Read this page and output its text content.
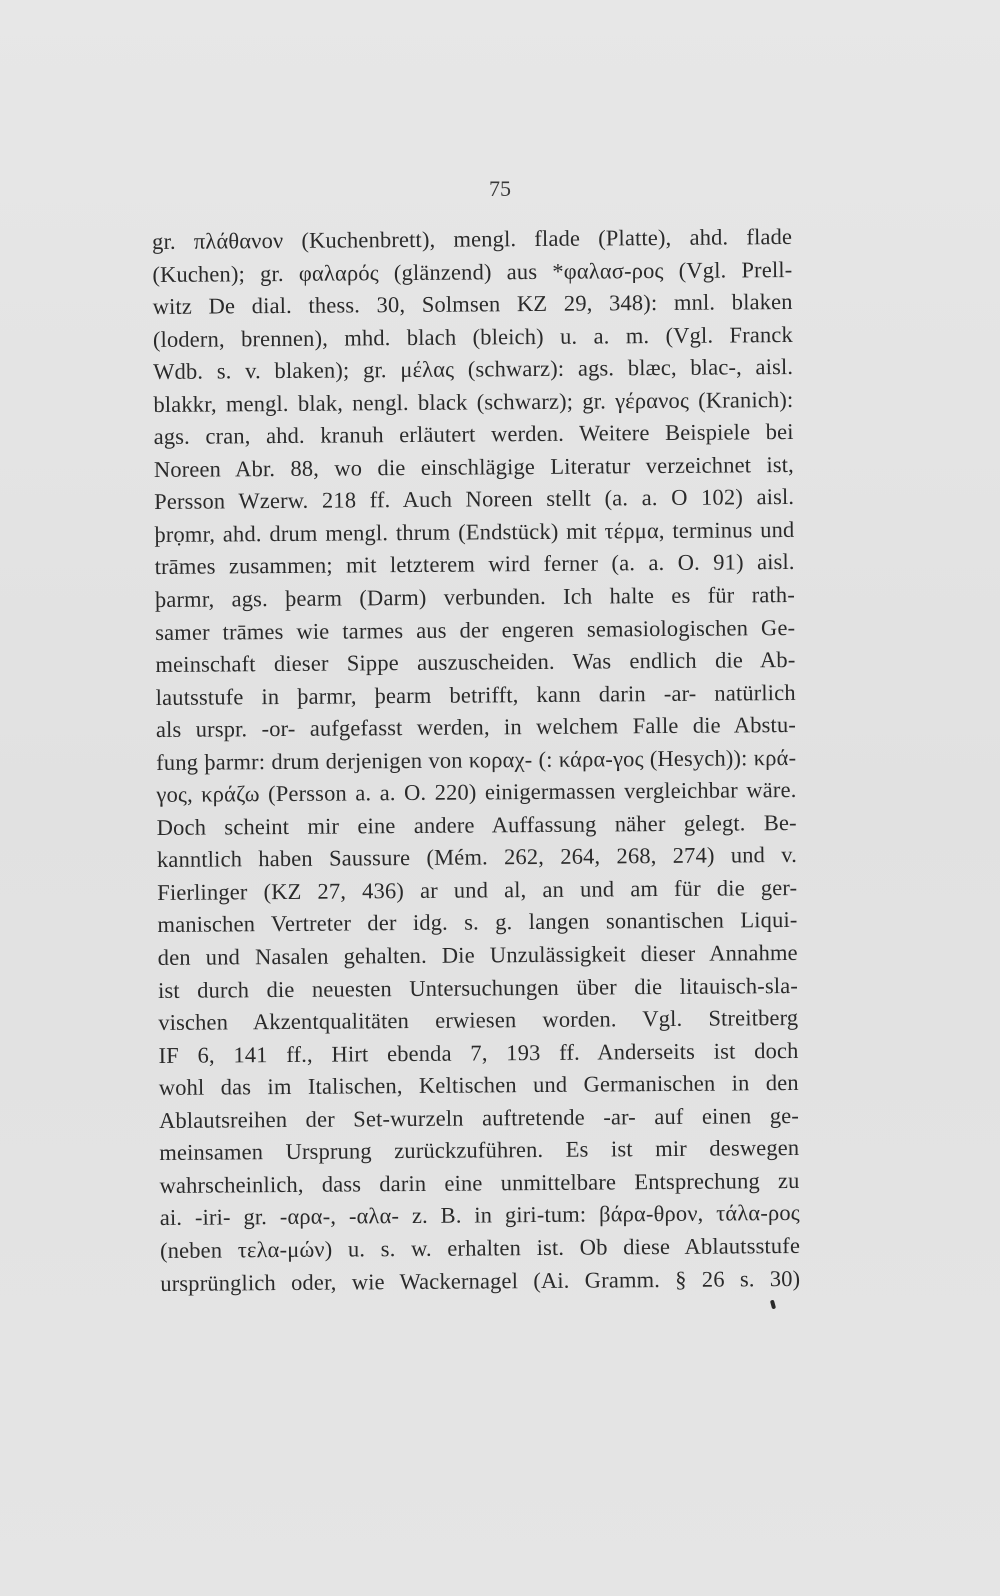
75
gr. πλάθανον (Kuchenbrett), mengl. flade (Platte), ahd. flade
(Kuchen); gr. φαλαρός (glänzend) aus *φαλασ-ρος (Vgl. Prell-
witz De dial. thess. 30, Solmsen KZ 29, 348): mnl. blaken
(lodern, brennen), mhd. blach (bleich) u. a. m. (Vgl. Franck
Wdb. s. v. blaken); gr. μέλας (schwarz): ags. blæc, blac-, aisl.
blakkr, mengl. blak, nengl. black (schwarz); gr. γέρανος (Kranich):
ags. cran, ahd. kranuh erläutert werden. Weitere Beispiele bei
Noreen Abr. 88, wo die einschlägige Literatur verzeichnet ist,
Persson Wzerw. 218 ff. Auch Noreen stellt (a. a. O 102) aisl.
þrọmr, ahd. drum mengl. thrum (Endstück) mit τέρμα, terminus und
trāmes zusammen; mit letzterem wird ferner (a. a. O. 91) aisl.
þarmr, ags. þearm (Darm) verbunden. Ich halte es für rath-
samer trāmes wie tarmes aus der engeren semasiologischen Ge-
meinschaft dieser Sippe auszuscheiden. Was endlich die Ab-
lautsstufe in þarmr, þearm betrifft, kann darin -ar- natürlich
als urspr. -or- aufgefasst werden, in welchem Falle die Abstu-
fung þarmr: drum derjenigen von κοραχ- (: κάρα-γος (Hesych)): κρά-
γος, κράζω (Persson a. a. O. 220) einigermassen vergleichbar wäre.
Doch scheint mir eine andere Auffassung näher gelegt. Be-
kanntlich haben Saussure (Mém. 262, 264, 268, 274) und v.
Fierlinger (KZ 27, 436) ar und al, an und am für die ger-
manischen Vertreter der idg. s. g. langen sonantischen Liqui-
den und Nasalen gehalten. Die Unzulässigkeit dieser Annahme
ist durch die neuesten Untersuchungen über die litauisch-sla-
vischen Akzentqualitäten erwiesen worden. Vgl. Streitberg
IF 6, 141 ff., Hirt ebenda 7, 193 ff. Anderseits ist doch
wohl das im Italischen, Keltischen und Germanischen in den
Ablautsreihen der Set-wurzeln auftretende -ar- auf einen ge-
meinsamen Ursprung zurückzuführen. Es ist mir deswegen
wahrscheinlich, dass darin eine unmittelbare Entsprechung zu
ai. -iri- gr. -αρα-, -αλα- z. B. in giri-tum: βάρα-θρον, τάλα-ρος
(neben τελα-μών) u. s. w. erhalten ist. Ob diese Ablautsstufe
ursprünglich oder, wie Wackernagel (Ai. Gramm. § 26 s. 30)
